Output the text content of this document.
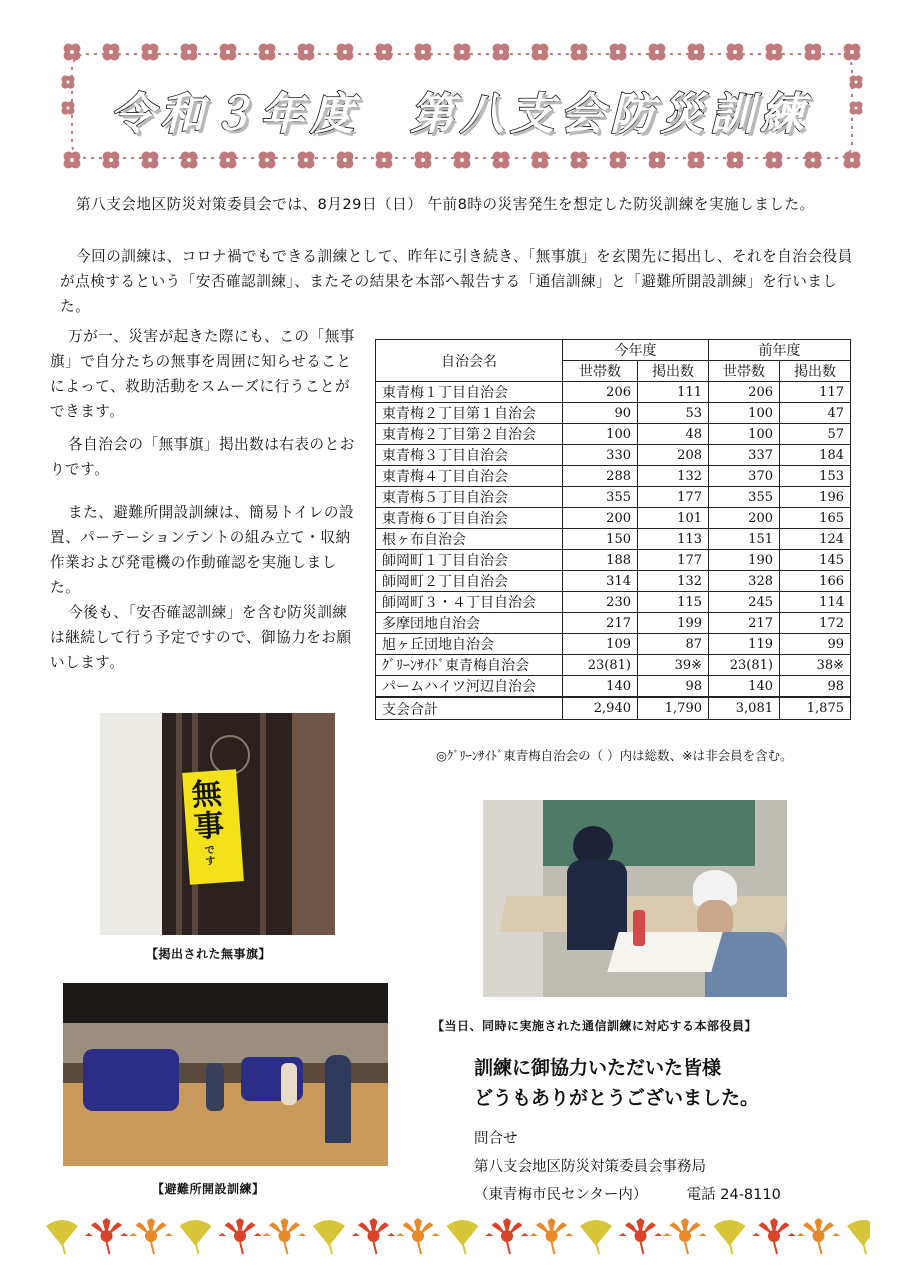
令和３年度　第八支会防災訓練
第八支会地区防災対策委員会では、8月29日（日） 午前8時の災害発生を想定した防災訓練を実施しました。
今回の訓練は、コロナ禍でもできる訓練として、昨年に引き続き、「無事旗」を玄関先に掲出し、それを自治会役員が点検するという「安否確認訓練」、またその結果を本部へ報告する「通信訓練」と「避難所開設訓練」を行いました。

万が一、災害が起きた際にも、この「無事旗」で自分たちの無事を周囲に知らせることによって、救助活動をスムーズに行うことができます。

各自治会の「無事旗」掲出数は右表のとおりです。

また、避難所開設訓練は、簡易トイレの設置、パーテーションテントの組み立て・収納作業および発電機の作動確認を実施しました。

今後も、「安否確認訓練」を含む防災訓練は継続して行う予定ですので、御協力をお願いします。

自治会名	今年度		前年度	
	世帯数	掲出数	世帯数	掲出数
東青梅１丁目自治会	206	111	206	117
東青梅２丁目第１自治会	90	53	100	47
東青梅２丁目第２自治会	100	48	100	57
東青梅３丁目自治会	330	208	337	184
東青梅４丁目自治会	288	132	370	153
東青梅５丁目自治会	355	177	355	196
東青梅６丁目自治会	200	101	200	165
根ヶ布自治会	150	113	151	124
師岡町１丁目自治会	188	177	190	145
師岡町２丁目自治会	314	132	328	166
師岡町３・４丁目自治会	230	115	245	114
多摩団地自治会	217	199	217	172
旭ヶ丘団地自治会	109	87	119	99
ｸﾞﾘｰﾝｻｲﾄﾞ東青梅自治会	23(81)	39※	23(81)	38※
パームハイツ河辺自治会	140	98	140	98
支会合計	2,940	1,790	3,081	1,875
◎ｸﾞﾘｰﾝｻｲﾄﾞ東青梅自治会の（ ）内は総数、※は非会員を含む。
無事
です
【掲出された無事旗】
【当日、同時に実施された通信訓練に対応する本部役員】
【避難所開設訓練】
訓練に御協力いただいた皆様
どうもありがとうございました。
問合せ
第八支会地区防災対策委員会事務局
（東青梅市民センター内）	電話 24-8110
